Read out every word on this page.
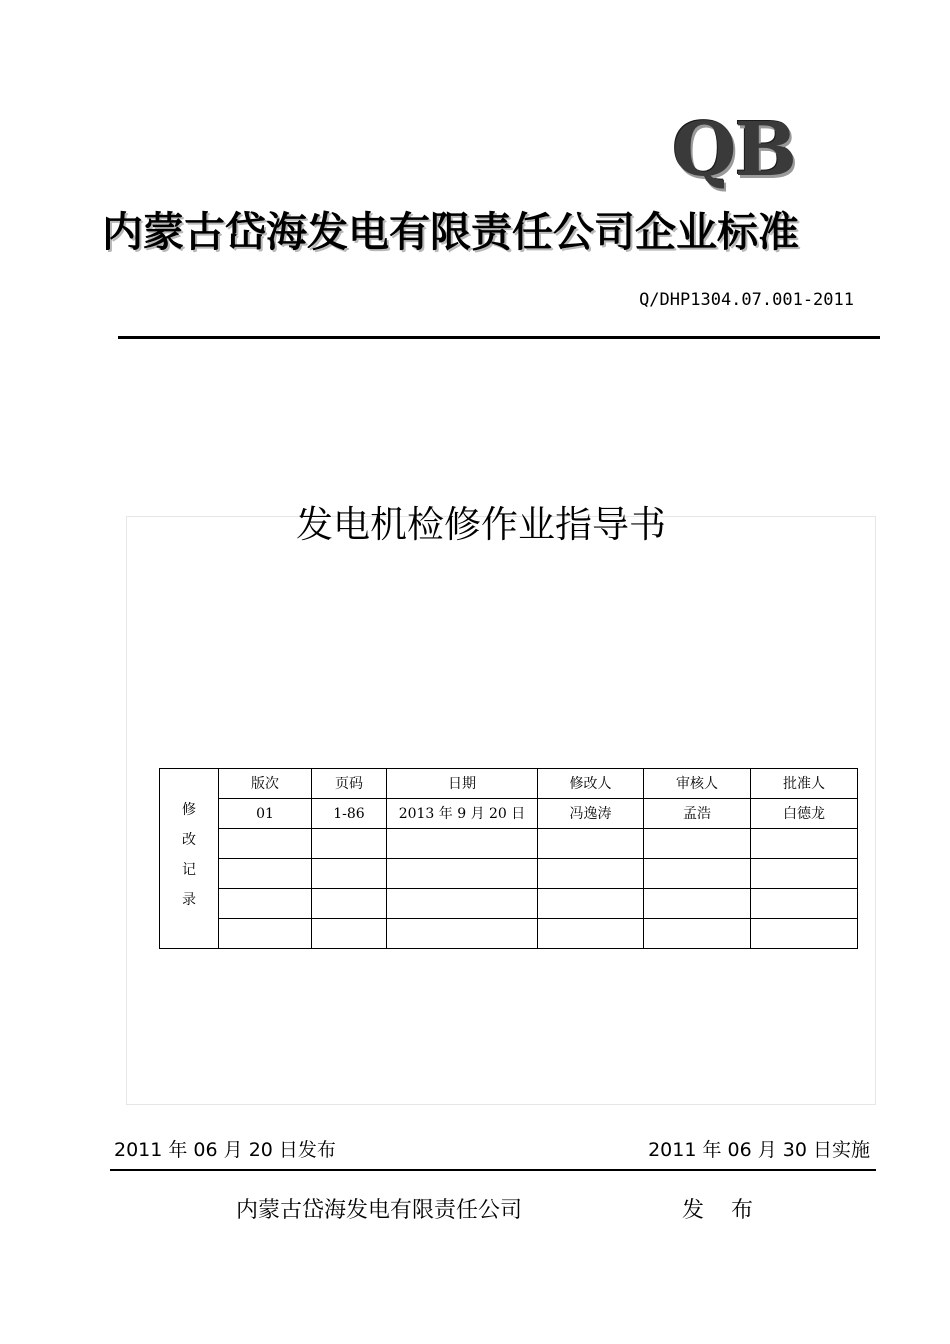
QB
内蒙古岱海发电有限责任公司企业标准
Q/DHP1304.07.001-2011
发电机检修作业指导书
修
改
记
录	版次	页码	日期	修改人	审核人	批准人
	01	1-86	2013 年 9 月 20 日	冯逸涛	孟浩	白德龙

2011 年 06 月 20 日发布	2011 年 06 月 30 日实施
内蒙古岱海发电有限责任公司	发 布
